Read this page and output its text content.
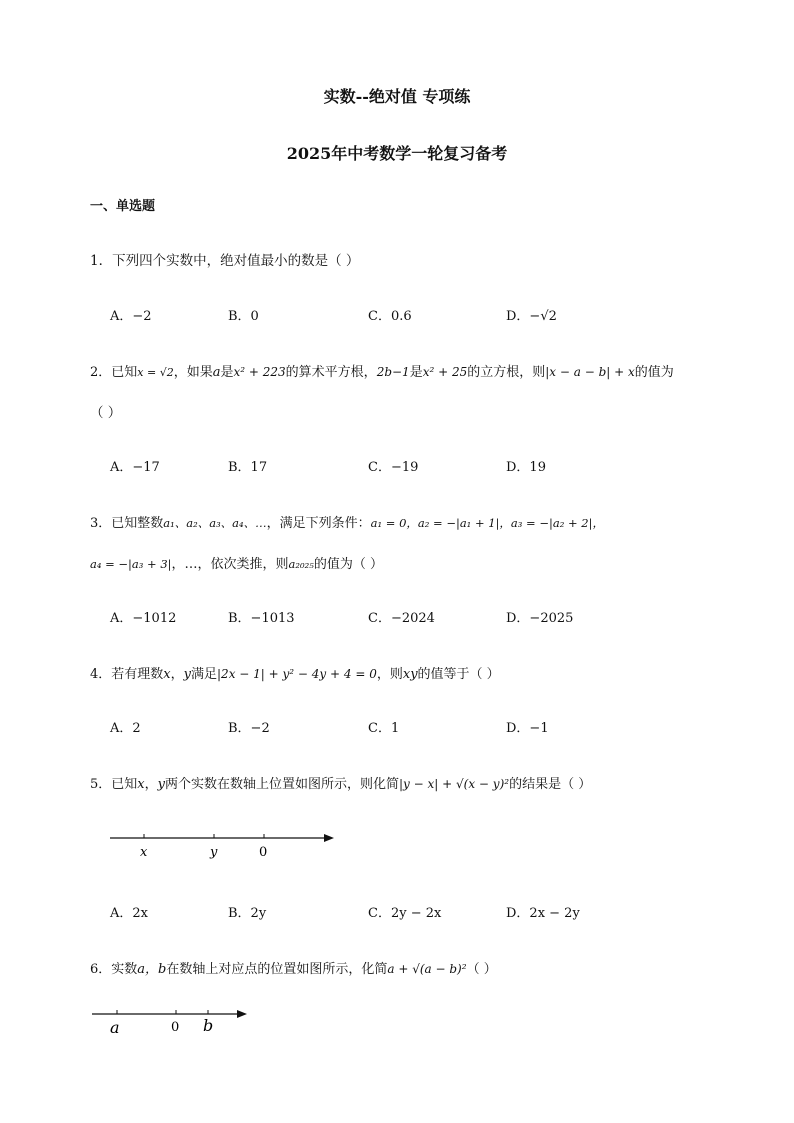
实数--绝对值 专项练
2025年中考数学一轮复习备考
一、单选题
1．下列四个实数中，绝对值最小的数是（ ）
A．−2	B．0	C．0.6	D．−√2
2．已知x = √2，如果a是x² + 223的算术平方根，2b−1是x² + 25的立方根，则|x − a − b| + x的值为
（ ）
A．−17	B．17	C．−19	D．19
3．已知整数a₁、a₂、a₃、a₄、…，满足下列条件：a₁ = 0，a₂ = −|a₁ + 1|，a₃ = −|a₂ + 2|，
a₄ = −|a₃ + 3|，…，依次类推，则a₂₀₂₅的值为（ ）
A．−1012	B．−1013	C．−2024	D．−2025
4．若有理数x，y满足|2x − 1| + y² − 4y + 4 = 0，则xy的值等于（ ）
A．2	B．−2	C．1	D．−1
5．已知x，y两个实数在数轴上位置如图所示，则化简|y − x| + √(x − y)²的结果是（ ）
x	y	0
A．2x	B．2y	C．2y − 2x	D．2x − 2y
6．实数a，b在数轴上对应点的位置如图所示，化简a + √(a − b)²（ ）
a	0 b
